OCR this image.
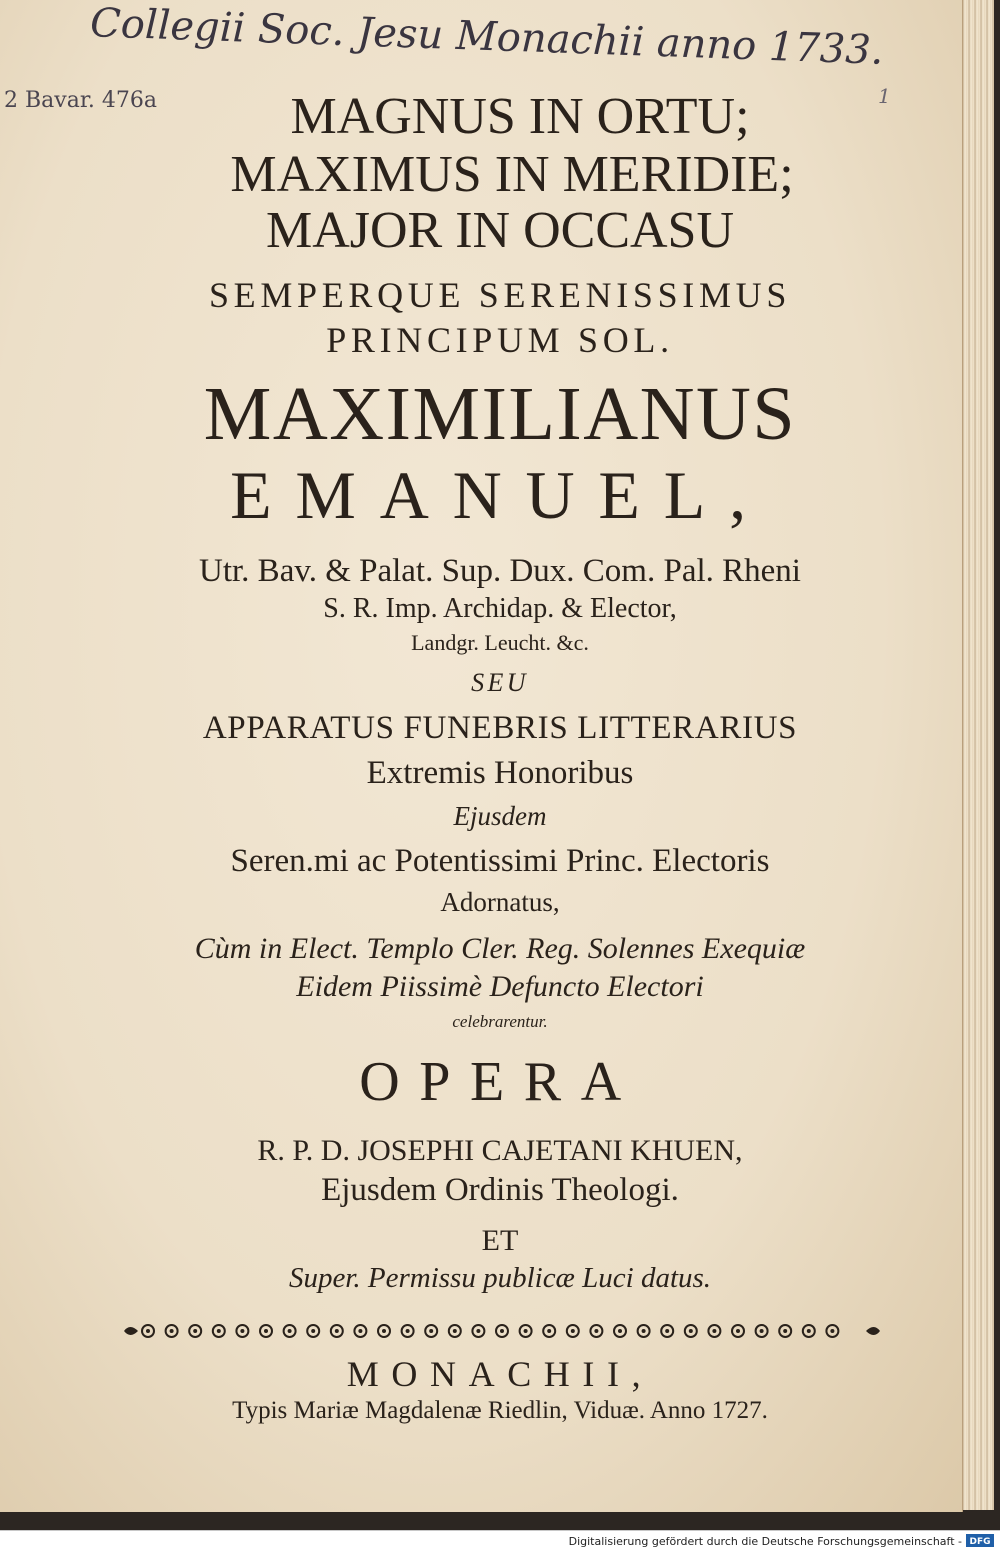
Collegii Soc. Jesu Monachii anno 1733.
2 Bavar. 476a	1
MAGNUS IN ORTU;
MAXIMUS IN MERIDIE;
MAJOR IN OCCASU
SEMPERQUE SERENISSIMUS
PRINCIPUM SOL.
MAXIMILIANUS
EMANUEL,
Utr. Bav. & Palat. Sup. Dux. Com. Pal. Rheni
S. R. Imp. Archidap. & Elector,
Landgr. Leucht. &c.
SEU
APPARATUS FUNEBRIS LITTERARIUS
Extremis Honoribus
Ejusdem
Seren.mi ac Potentissimi Princ. Electoris
Adornatus,
Cùm in Elect. Templo Cler. Reg. Solennes Exequiæ
Eidem Piissimè Defuncto Electori
celebrarentur.
OPERA
R. P. D. JOSEPHI CAJETANI KHUEN,
Ejusdem Ordinis Theologi.
ET
Super. Permissu publicæ Luci datus.
MONACHII,
Typis Mariæ Magdalenæ Riedlin, Viduæ. Anno 1727.
Digitalisierung gefördert durch die Deutsche Forschungsgemeinschaft - DFG
